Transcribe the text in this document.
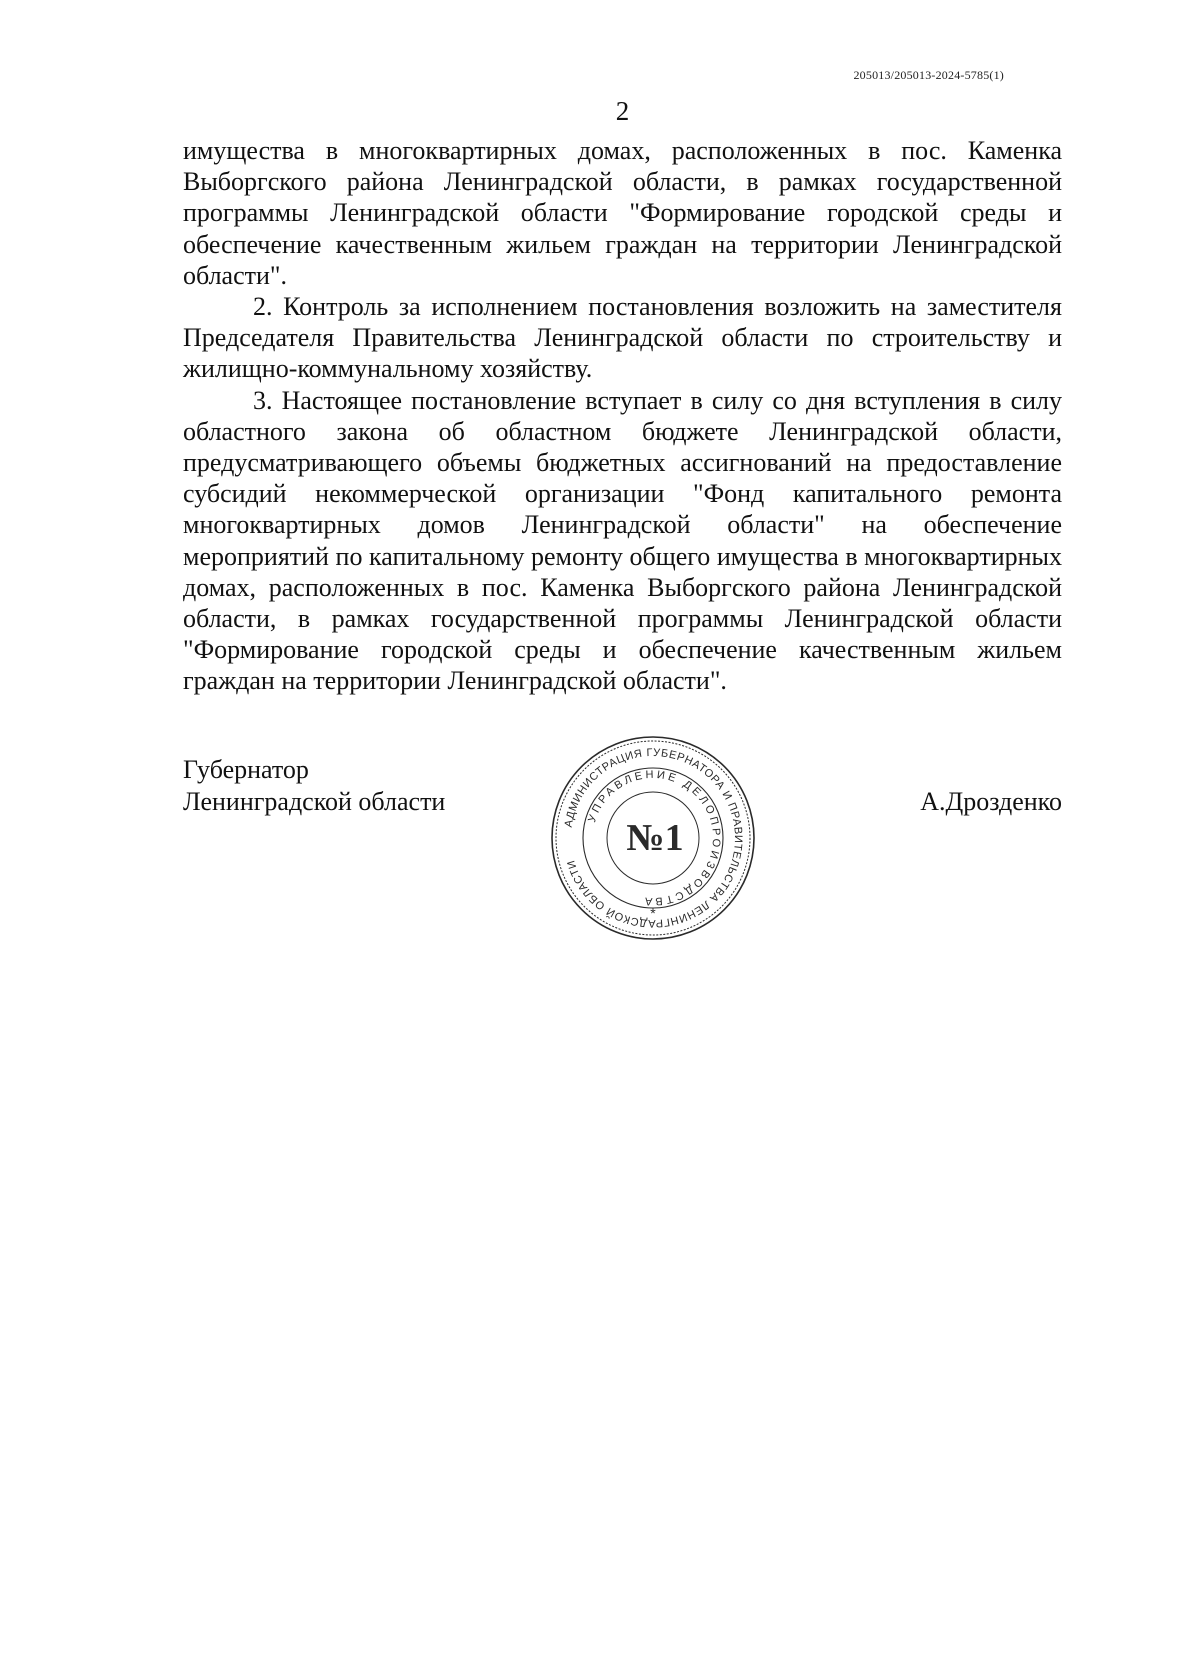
205013/205013-2024-5785(1)
2

имущества в многоквартирных домах, расположенных в пос. Каменка Выборгского района Ленинградской области, в рамках государственной программы Ленинградской области "Формирование городской среды и обеспечение качественным жильем граждан на территории Ленинградской области".

2. Контроль за исполнением постановления возложить на заместителя Председателя Правительства Ленинградской области по строительству и жилищно-коммунальному хозяйству.

3. Настоящее постановление вступает в силу со дня вступления в силу областного закона об областном бюджете Ленинградской области, предусматривающего объемы бюджетных ассигнований на предоставление субсидий некоммерческой организации "Фонд капитального ремонта многоквартирных домов Ленинградской области" на обеспечение мероприятий по капитальному ремонту общего имущества в многоквартирных домах, расположенных в пос. Каменка Выборгского района Ленинградской области, в рамках государственной программы Ленинградской области "Формирование городской среды и обеспечение качественным жильем граждан на территории Ленинградской области".

Губернатор
Ленинградской области	А.Дрозденко
АДМИНИСТРАЦИЯ ГУБЕРНАТОРА И ПРАВИТЕЛЬСТВА ЛЕНИНГРАДСКОЙ ОБЛАСТИ
УПРАВЛЕНИЕ ДЕЛОПРОИЗВОДСТВА
№1
*
